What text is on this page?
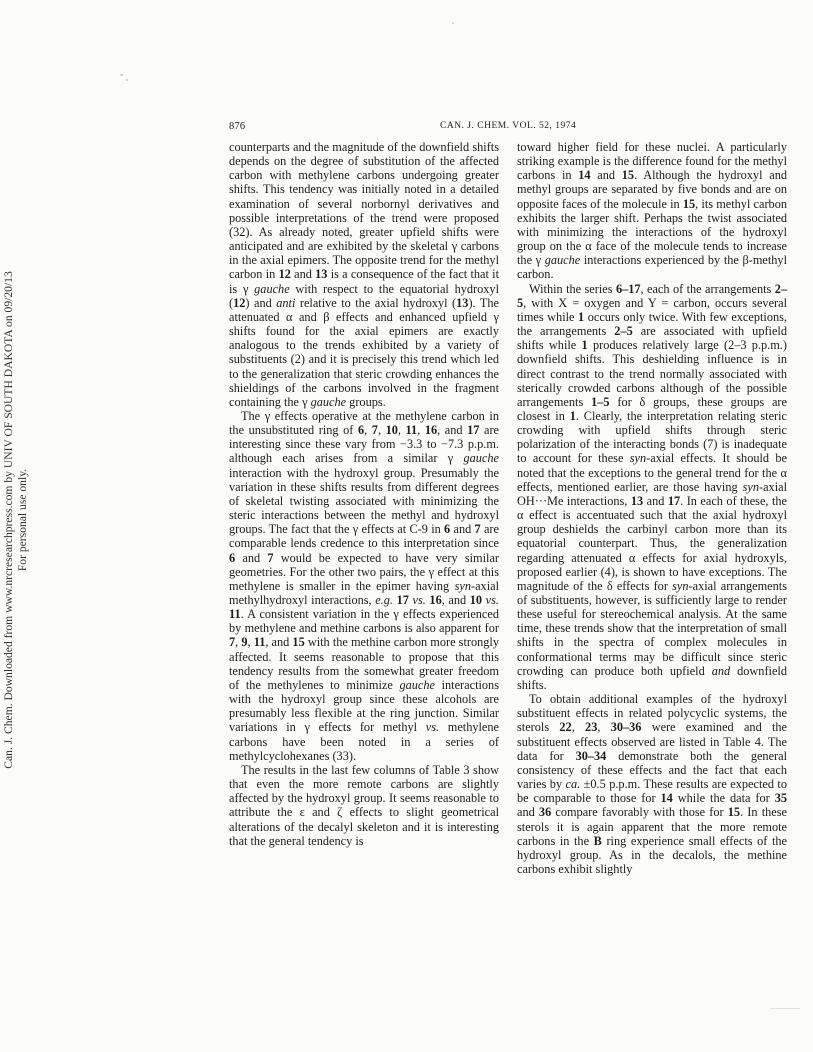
Can. J. Chem. Downloaded from www.nrcresearchpress.com by UNIV OF SOUTH DAKOTA on 09/20/13 For personal use only.
876	CAN. J. CHEM. VOL. 52, 1974

counterparts and the magnitude of the downfield shifts depends on the degree of substitution of the affected carbon with methylene carbons undergoing greater shifts. This tendency was initially noted in a detailed examination of several norbornyl derivatives and possible interpretations of the trend were proposed (32). As already noted, greater upfield shifts were anticipated and are exhibited by the skeletal γ carbons in the axial epimers. The opposite trend for the methyl carbon in 12 and 13 is a consequence of the fact that it is γ gauche with respect to the equatorial hydroxyl (12) and anti relative to the axial hydroxyl (13). The attenuated α and β effects and enhanced upfield γ shifts found for the axial epimers are exactly analogous to the trends exhibited by a variety of substituents (2) and it is precisely this trend which led to the generalization that steric crowding enhances the shieldings of the carbons involved in the fragment containing the γ gauche groups.

The γ effects operative at the methylene carbon in the unsubstituted ring of 6, 7, 10, 11, 16, and 17 are interesting since these vary from −3.3 to −7.3 p.p.m. although each arises from a similar γ gauche interaction with the hydroxyl group. Presumably the variation in these shifts results from different degrees of skeletal twisting associated with minimizing the steric interactions between the methyl and hydroxyl groups. The fact that the γ effects at C-9 in 6 and 7 are comparable lends credence to this interpretation since 6 and 7 would be expected to have very similar geometries. For the other two pairs, the γ effect at this methylene is smaller in the epimer having syn-axial methylhydroxyl interactions, e.g. 17 vs. 16, and 10 vs. 11. A consistent variation in the γ effects experienced by methylene and methine carbons is also apparent for 7, 9, 11, and 15 with the methine carbon more strongly affected. It seems reasonable to propose that this tendency results from the somewhat greater freedom of the methylenes to minimize gauche interactions with the hydroxyl group since these alcohols are presumably less flexible at the ring junction. Similar variations in γ effects for methyl vs. methylene carbons have been noted in a series of methylcyclohexanes (33).

The results in the last few columns of Table 3 show that even the more remote carbons are slightly affected by the hydroxyl group. It seems reasonable to attribute the ε and ζ effects to slight geometrical alterations of the decalyl skeleton and it is interesting that the general tendency is

toward higher field for these nuclei. A particularly striking example is the difference found for the methyl carbons in 14 and 15. Although the hydroxyl and methyl groups are separated by five bonds and are on opposite faces of the molecule in 15, its methyl carbon exhibits the larger shift. Perhaps the twist associated with minimizing the interactions of the hydroxyl group on the α face of the molecule tends to increase the γ gauche interactions experienced by the β-methyl carbon.

Within the series 6–17, each of the arrangements 2–5, with X = oxygen and Y = carbon, occurs several times while 1 occurs only twice. With few exceptions, the arrangements 2–5 are associated with upfield shifts while 1 produces relatively large (2–3 p.p.m.) downfield shifts. This deshielding influence is in direct contrast to the trend normally associated with sterically crowded carbons although of the possible arrangements 1–5 for δ groups, these groups are closest in 1. Clearly, the interpretation relating steric crowding with upfield shifts through steric polarization of the interacting bonds (7) is inadequate to account for these syn-axial effects. It should be noted that the exceptions to the general trend for the α effects, mentioned earlier, are those having syn-axial OH···Me interactions, 13 and 17. In each of these, the α effect is accentuated such that the axial hydroxyl group deshields the carbinyl carbon more than its equatorial counterpart. Thus, the generalization regarding attenuated α effects for axial hydroxyls, proposed earlier (4), is shown to have exceptions. The magnitude of the δ effects for syn-axial arrangements of substituents, however, is sufficiently large to render these useful for stereochemical analysis. At the same time, these trends show that the interpretation of small shifts in the spectra of complex molecules in conformational terms may be difficult since steric crowding can produce both upfield and downfield shifts.

To obtain additional examples of the hydroxyl substituent effects in related polycyclic systems, the sterols 22, 23, 30–36 were examined and the substituent effects observed are listed in Table 4. The data for 30–34 demonstrate both the general consistency of these effects and the fact that each varies by ca. ±0.5 p.p.m. These results are expected to be comparable to those for 14 while the data for 35 and 36 compare favorably with those for 15. In these sterols it is again apparent that the more remote carbons in the B ring experience small effects of the hydroxyl group. As in the decalols, the methine carbons exhibit slightly
